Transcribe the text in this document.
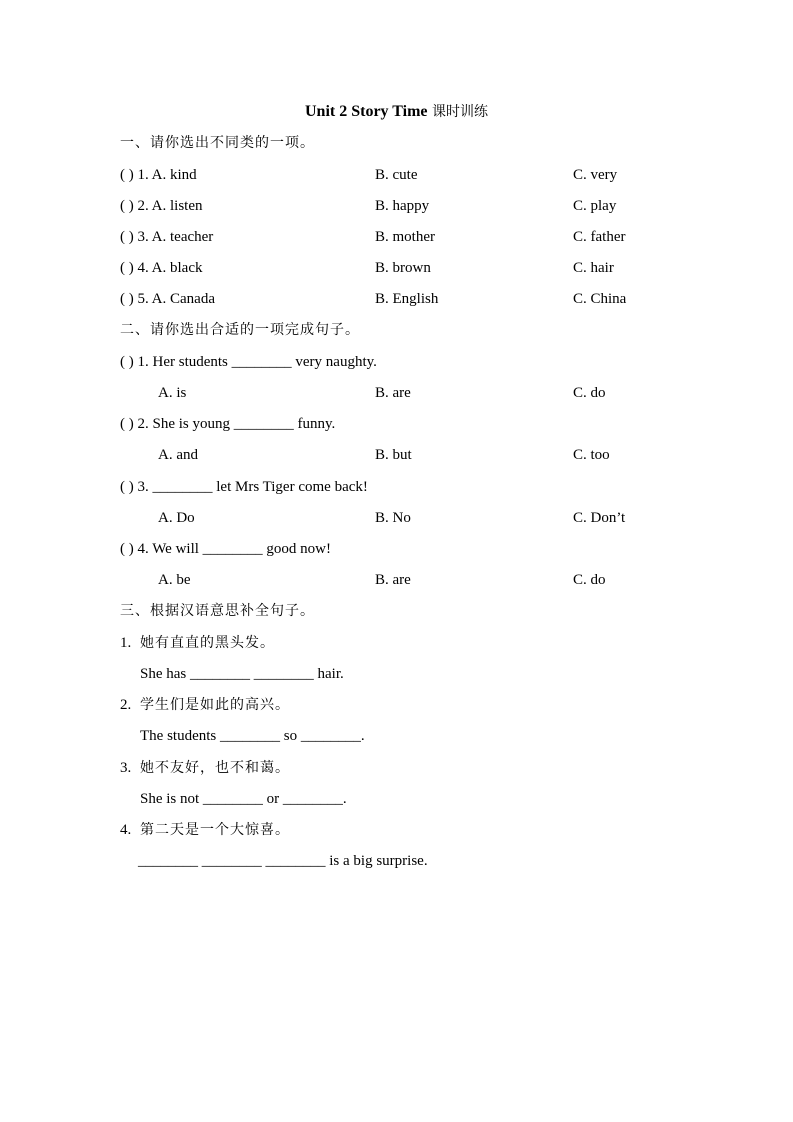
Unit 2 Story Time 课时训练
一、请你选出不同类的一项。
( ) 1. A. kind	B. cute	C. very
( ) 2. A. listen	B. happy	C. play
( ) 3. A. teacher	B. mother	C. father
( ) 4. A. black	B. brown	C. hair
( ) 5. A. Canada	B. English	C. China
二、请你选出合适的一项完成句子。
( ) 1. Her students ________ very naughty.
A. is	B. are	C. do
( ) 2. She is young ________ funny.
A. and	B. but	C. too
( ) 3. ________ let Mrs Tiger come back!
A. Do	B. No	C. Don’t
( ) 4. We will ________ good now!
A. be	B. are	C. do
三、根据汉语意思补全句子。
1. 她有直直的黑头发。
She has ________ ________ hair.
2. 学生们是如此的高兴。
The students ________ so ________.
3. 她不友好，也不和蔼。
She is not ________ or ________.
4. 第二天是一个大惊喜。
________ ________ ________ is a big surprise.
